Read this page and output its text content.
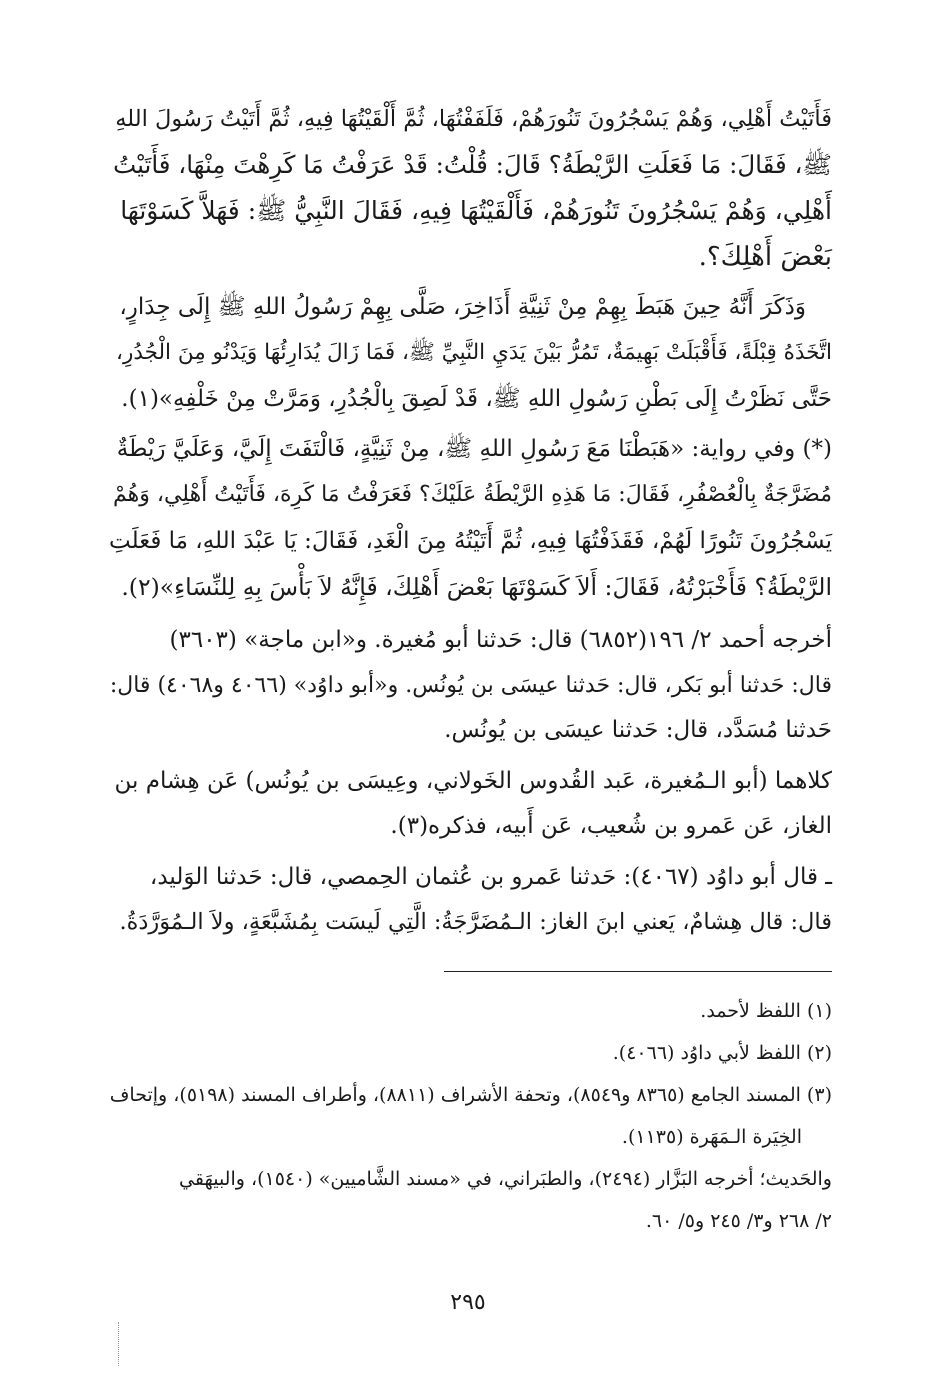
فَأَتَيْتُ أَهْلِي، وَهُمْ يَسْجُرُونَ تَنُورَهُمْ، فَلَفَفْتُهَا، ثُمَّ أَلْقَيْتُهَا فِيهِ، ثُمَّ أَتَيْتُ رَسُولَ اللهِ
ﷺ، فَقَالَ: مَا فَعَلَتِ الرَّيْطَةُ؟ قَالَ: قُلْتُ: قَدْ عَرَفْتُ مَا كَرِهْتَ مِنْهَا، فَأَتَيْتُ
أَهْلِي، وَهُمْ يَسْجُرُونَ تَنُورَهُمْ، فَأَلْقَيْتُهَا فِيهِ، فَقَالَ النَّبِيُّ ﷺ: فَهَلاَّ كَسَوْتَهَا
بَعْضَ أَهْلِكَ؟.
وَذَكَرَ أَنَّهُ حِينَ هَبَطَ بِهِمْ مِنْ ثَنِيَّةِ أَذَاخِرَ، صَلَّى بِهِمْ رَسُولُ اللهِ ﷺ إِلَى جِدَارٍ،
اتَّخَذَهُ قِبْلَةً، فَأَقْبَلَتْ بَهِيمَةٌ، تَمُرُّ بَيْنَ يَدَيِ النَّبِيِّ ﷺ، فَمَا زَالَ يُدَارِئُهَا وَيَدْنُو مِنَ الْجُدُرِ،
حَتَّى نَظَرْتُ إِلَى بَطْنِ رَسُولِ اللهِ ﷺ، قَدْ لَصِقَ بِالْجُدُرِ، وَمَرَّتْ مِنْ خَلْفِهِ»(١).
(*) وفي رواية: «هَبَطْنَا مَعَ رَسُولِ اللهِ ﷺ، مِنْ ثَنِيَّةٍ، فَالْتَفَتَ إِلَيَّ، وَعَلَيَّ رَيْطَةٌ
مُضَرَّجَةٌ بِالْعُصْفُرِ، فَقَالَ: مَا هَذِهِ الرَّيْطَةُ عَلَيْكَ؟ فَعَرَفْتُ مَا كَرِهَ، فَأَتَيْتُ أَهْلِي، وَهُمْ
يَسْجُرُونَ تَنُورًا لَهُمْ، فَقَذَفْتُهَا فِيهِ، ثُمَّ أَتَيْتُهُ مِنَ الْغَدِ، فَقَالَ: يَا عَبْدَ اللهِ، مَا فَعَلَتِ
الرَّيْطَةُ؟ فَأَخْبَرْتُهُ، فَقَالَ: أَلاَ كَسَوْتَهَا بَعْضَ أَهْلِكَ، فَإِنَّهُ لاَ بَأْسَ بِهِ لِلنِّسَاءِ»(٢).
أخرجه أحمد ٢/ ١٩٦(٦٨٥٢) قال: حَدثنا أبو مُغيرة. و«ابن ماجة» (٣٦٠٣)
قال: حَدثنا أبو بَكر، قال: حَدثنا عيسَى بن يُونُس. و«أبو داوُد» (٤٠٦٦ و٤٠٦٨) قال:
حَدثنا مُسَدَّد، قال: حَدثنا عيسَى بن يُونُس.
كلاهما (أبو الـمُغيرة، عَبد القُدوس الخَولاني، وعِيسَى بن يُونُس) عَن هِشام بن
الغاز، عَن عَمرو بن شُعيب، عَن أَبيه، فذكره(٣).
ـ قال أبو داوُد (٤٠٦٧): حَدثنا عَمرو بن عُثمان الحِمصي، قال: حَدثنا الوَليد،
قال: قال هِشامٌ، يَعني ابنَ الغاز: الـمُضَرَّجَةُ: الَّتِي لَيسَت بِمُشَبَّعَةٍ، ولاَ الـمُوَرَّدَةُ.
(١) اللفظ لأحمد.
(٢) اللفظ لأبي داوُد (٤٠٦٦).
(٣) المسند الجامع (٨٣٦٥ و٨٥٤٩)، وتحفة الأشراف (٨٨١١)، وأطراف المسند (٥١٩٨)، وإتحاف
الخِيَرة الـمَهَرة (١١٣٥).
والحَديث؛ أخرجه البَزَّار (٢٤٩٤)، والطبَراني، في «مسند الشَّاميين» (١٥٤٠)، والبيهَقي
٢/ ٢٦٨ و٣/ ٢٤٥ و٥/ ٦٠.
٢٩٥
